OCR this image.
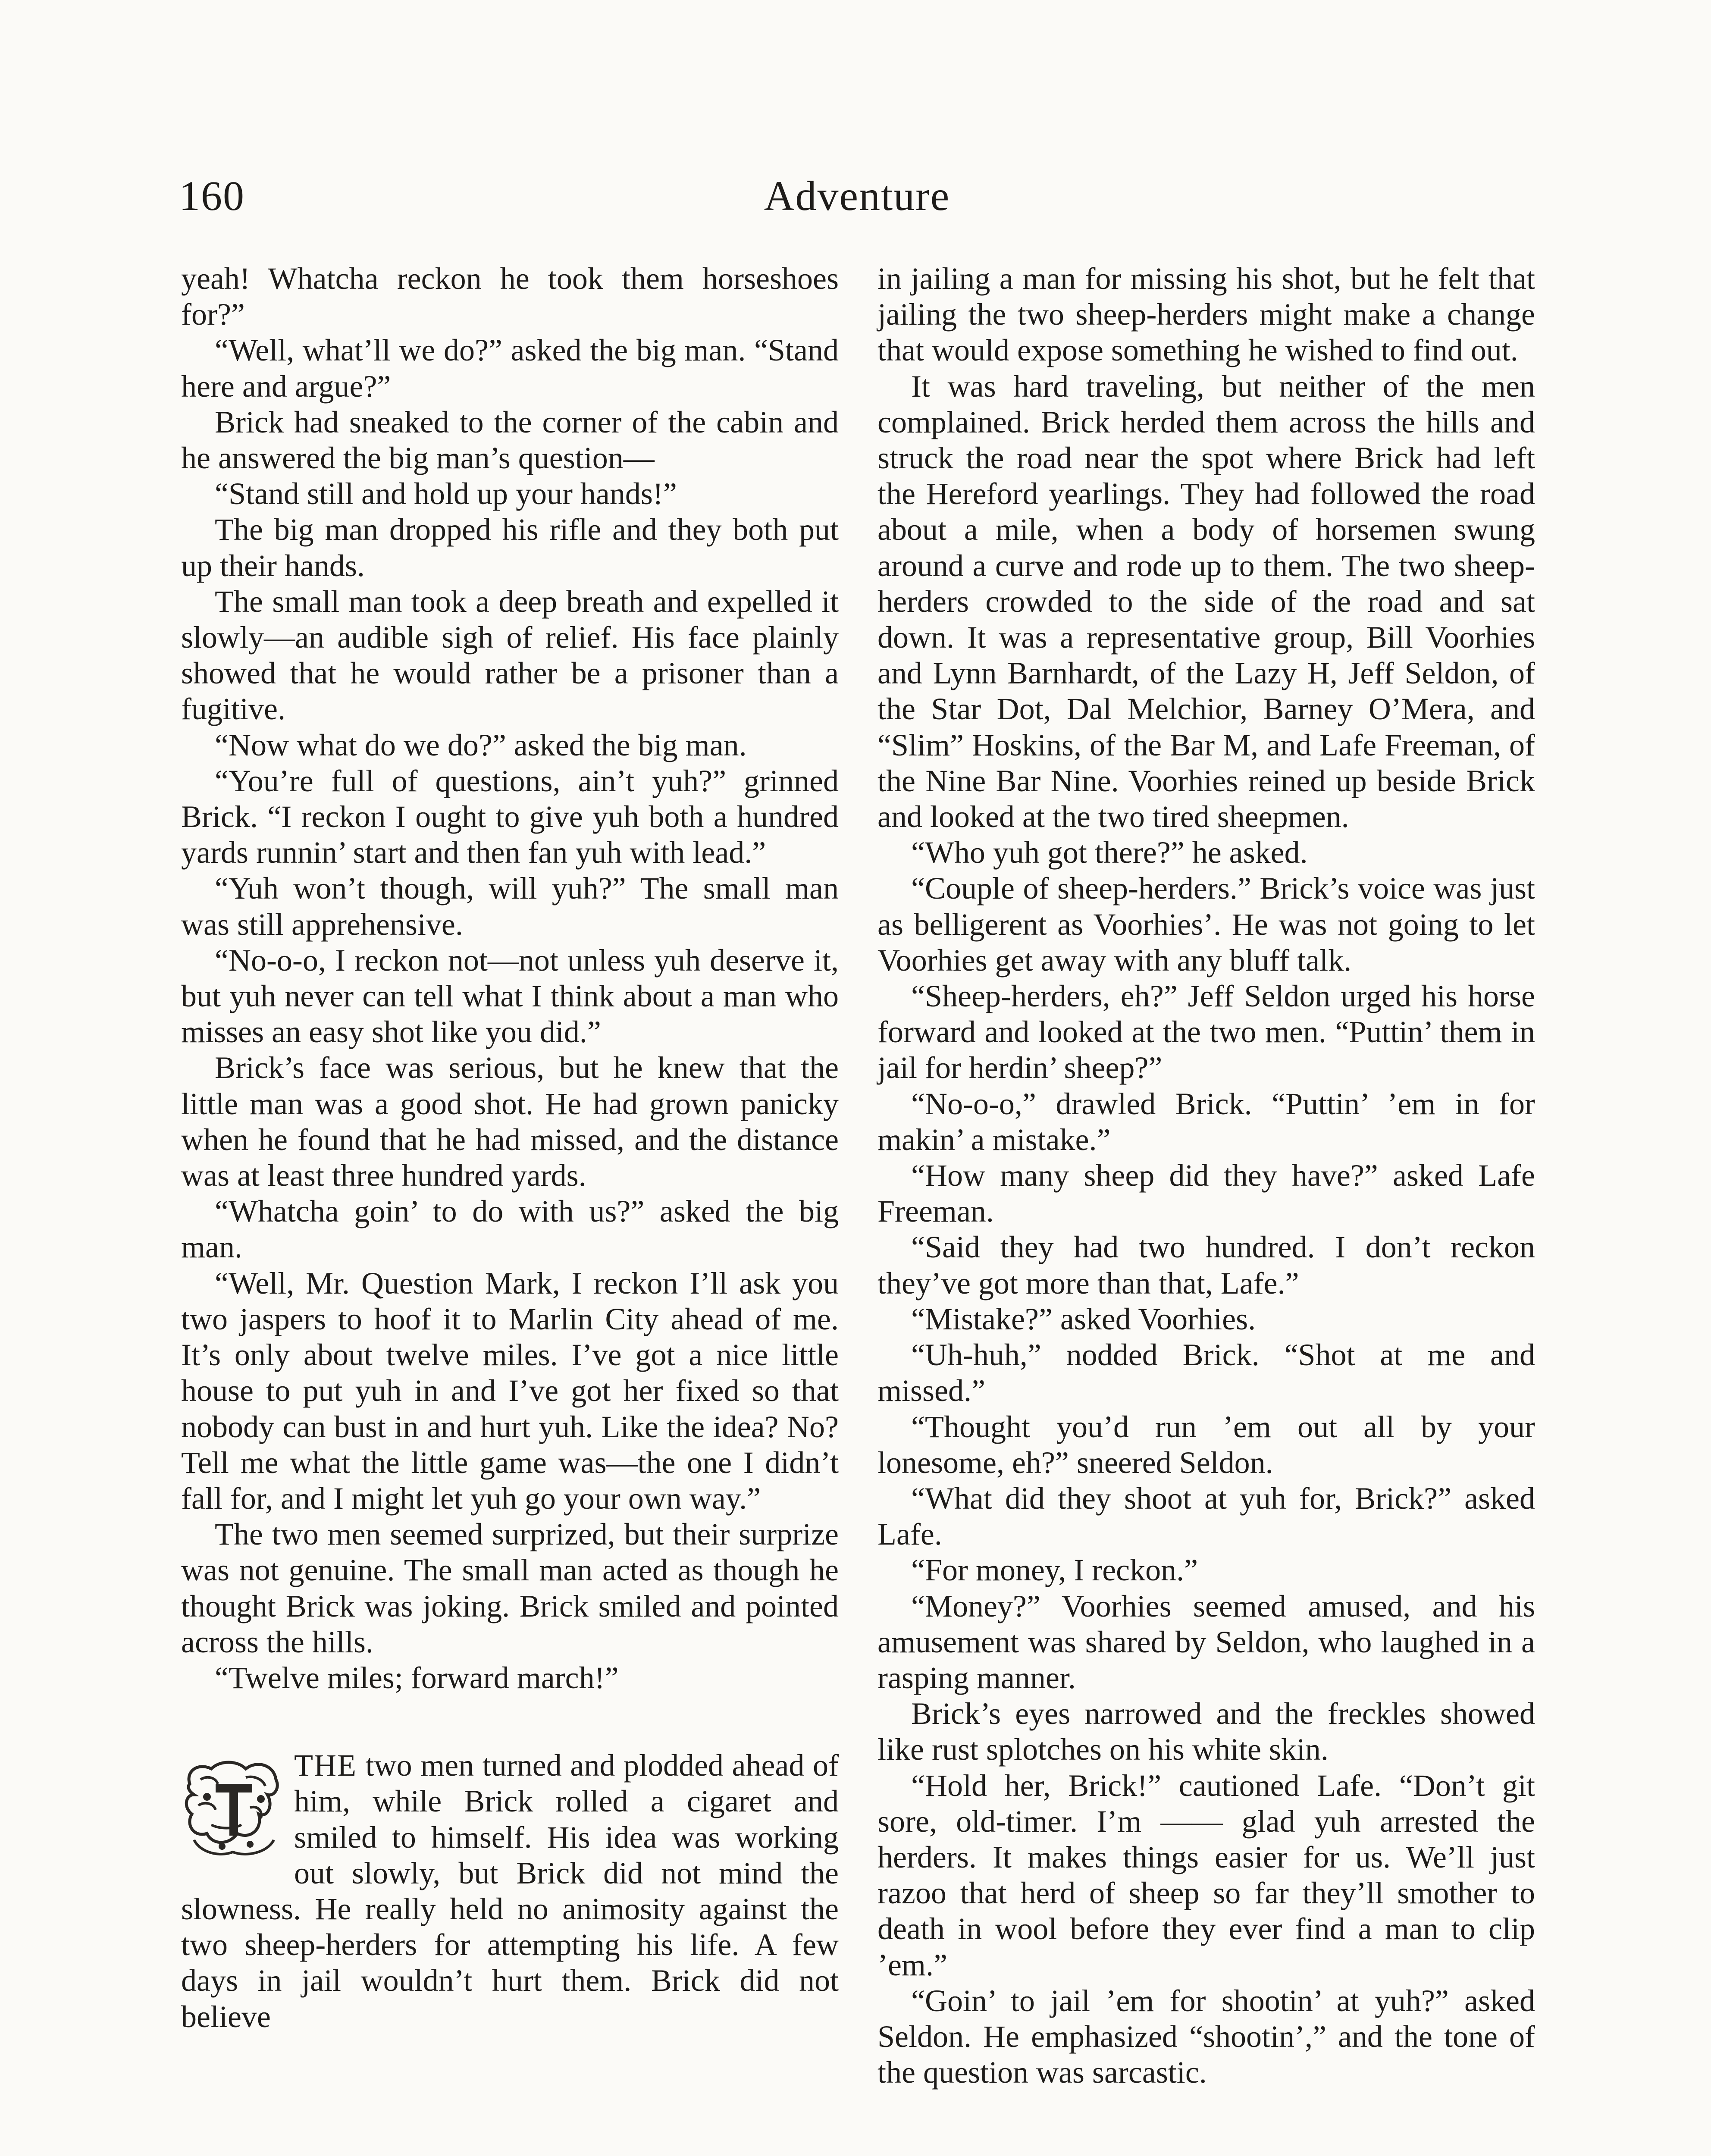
160	Adventure

yeah! Whatcha reckon he took them horseshoes for?”

“Well, what’ll we do?” asked the big man. “Stand here and argue?”

Brick had sneaked to the corner of the cabin and he answered the big man’s question—

“Stand still and hold up your hands!”

The big man dropped his rifle and they both put up their hands.

The small man took a deep breath and expelled it slowly—an audible sigh of relief. His face plainly showed that he would rather be a prisoner than a fugitive.

“Now what do we do?” asked the big man.

“You’re full of questions, ain’t yuh?” grinned Brick. “I reckon I ought to give yuh both a hundred yards runnin’ start and then fan yuh with lead.”

“Yuh won’t though, will yuh?” The small man was still apprehensive.

“No-o-o, I reckon not—not unless yuh deserve it, but yuh never can tell what I think about a man who misses an easy shot like you did.”

Brick’s face was serious, but he knew that the little man was a good shot. He had grown panicky when he found that he had missed, and the distance was at least three hundred yards.

“Whatcha goin’ to do with us?” asked the big man.

“Well, Mr. Question Mark, I reckon I’ll ask you two jaspers to hoof it to Marlin City ahead of me. It’s only about twelve miles. I’ve got a nice little house to put yuh in and I’ve got her fixed so that nobody can bust in and hurt yuh. Like the idea? No? Tell me what the little game was—the one I didn’t fall for, and I might let yuh go your own way.”

The two men seemed surprized, but their surprize was not genuine. The small man acted as though he thought Brick was joking. Brick smiled and pointed across the hills.

“Twelve miles; forward march!”

THE two men turned and plodded ahead of him, while Brick rolled a cigaret and smiled to himself. His idea was working out slowly, but Brick did not mind the slowness. He really held no animosity against the two sheep-herders for attempting his life. A few days in jail wouldn’t hurt them. Brick did not believe

in jailing a man for missing his shot, but he felt that jailing the two sheep-herders might make a change that would expose something he wished to find out.

It was hard traveling, but neither of the men complained. Brick herded them across the hills and struck the road near the spot where Brick had left the Hereford yearlings. They had followed the road about a mile, when a body of horsemen swung around a curve and rode up to them. The two sheep-herders crowded to the side of the road and sat down. It was a representative group, Bill Voorhies and Lynn Barnhardt, of the Lazy H, Jeff Seldon, of the Star Dot, Dal Melchior, Barney O’Mera, and “Slim” Hoskins, of the Bar M, and Lafe Freeman, of the Nine Bar Nine. Voorhies reined up beside Brick and looked at the two tired sheepmen.

“Who yuh got there?” he asked.

“Couple of sheep-herders.” Brick’s voice was just as belligerent as Voorhies’. He was not going to let Voorhies get away with any bluff talk.

“Sheep-herders, eh?” Jeff Seldon urged his horse forward and looked at the two men. “Puttin’ them in jail for herdin’ sheep?”

“No-o-o,” drawled Brick. “Puttin’ ’em in for makin’ a mistake.”

“How many sheep did they have?” asked Lafe Freeman.

“Said they had two hundred. I don’t reckon they’ve got more than that, Lafe.”

“Mistake?” asked Voorhies.

“Uh-huh,” nodded Brick. “Shot at me and missed.”

“Thought you’d run ’em out all by your lonesome, eh?” sneered Seldon.

“What did they shoot at yuh for, Brick?” asked Lafe.

“For money, I reckon.”

“Money?” Voorhies seemed amused, and his amusement was shared by Seldon, who laughed in a rasping manner.

Brick’s eyes narrowed and the freckles showed like rust splotches on his white skin.

“Hold her, Brick!” cautioned Lafe. “Don’t git sore, old-timer. I’m —— glad yuh arrested the herders. It makes things easier for us. We’ll just razoo that herd of sheep so far they’ll smother to death in wool before they ever find a man to clip ’em.”

“Goin’ to jail ’em for shootin’ at yuh?” asked Seldon. He emphasized “shootin’,” and the tone of the question was sarcastic.
